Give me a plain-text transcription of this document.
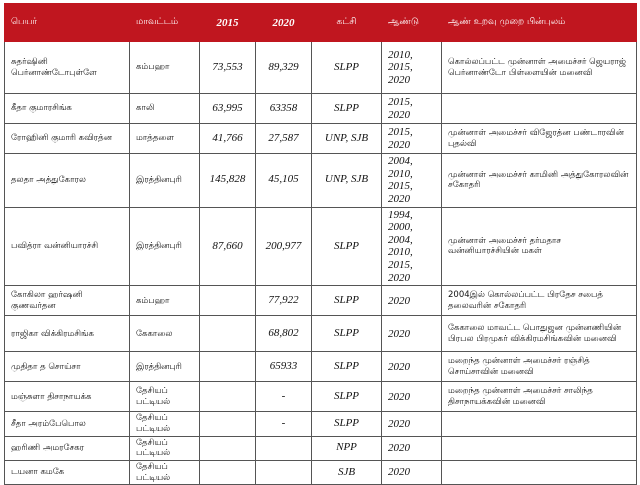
பெயர்	மாவட்டம்	2015	2020	கட்சி	ஆண்டு	ஆண் உறவு முறை பின்புலம்
சுதர்ஷினி பெர்னாண்டோபுள்ளே	கம்பஹா	73,553	89,329	SLPP	2010, 2015, 2020	கொல்லப்பட்ட முன்னாள் அமைச்சர் ஜெயராஜ் பெர்னாண்டோ பிள்ளையின் மனைவி
கீதா குமாரசிங்க	காலி	63,995	63358	SLPP	2015, 2020	
ரோஹினி குமாரி கவிரத்ன	மாத்தளை	41,766	27,587	UNP, SJB	2015, 2020	முன்னாள் அமைச்சர் விஜேரத்ன பண்டாரவின் புதல்வி
தலதா அத்துகோரல	இரத்தினபுரி	145,828	45,105	UNP, SJB	2004, 2010, 2015, 2020	முன்னாள் அமைச்சர் காமினி அத்துகோரலவின் சகோதரி
பவித்ரா வன்னியாரச்சி	இரத்தினபுரி	87,660	200,977	SLPP	1994, 2000, 2004, 2010, 2015, 2020	முன்னாள் அமைச்சர் தர்மதாச வன்னியாரச்சியின் மகள்
கோகிலா ஹர்ஷனி குணவர்தன	கம்பஹா		77,922	SLPP	2020	2004இல் கொல்லப்பட்ட பிரதேச சபைத் தலைவரின் சகோதரி
ராஜிகா விக்கிரமசிங்க	கேகாலை		68,802	SLPP	2020	கேகாலை மாவட்ட பொதுஜன முன்னணியின் பிரபல பிரமுகர் விக்கிரமசிங்கவின் மனைவி
முதிதா த சொய்சா	இரத்தினபுரி		65933	SLPP	2020	மறைந்த முன்னாள் அமைச்சர் ரஞ்சித் சொய்சாவின் மனைவி
மஞ்சுளா திசாநாயக்க	தேசியப் பட்டியல்		-	SLPP	2020	மறைந்த முன்னாள் அமைச்சர் சாலிந்த திசாநாயக்கவின் மனைவி
சீதா அரம்பேபொல	தேசியப் பட்டியல்		-	SLPP	2020	
ஹரிணி அமரசேகர	தேசியப் பட்டியல்			NPP	2020	
டயனா கமகே	தேசியப் பட்டியல்			SJB	2020	
